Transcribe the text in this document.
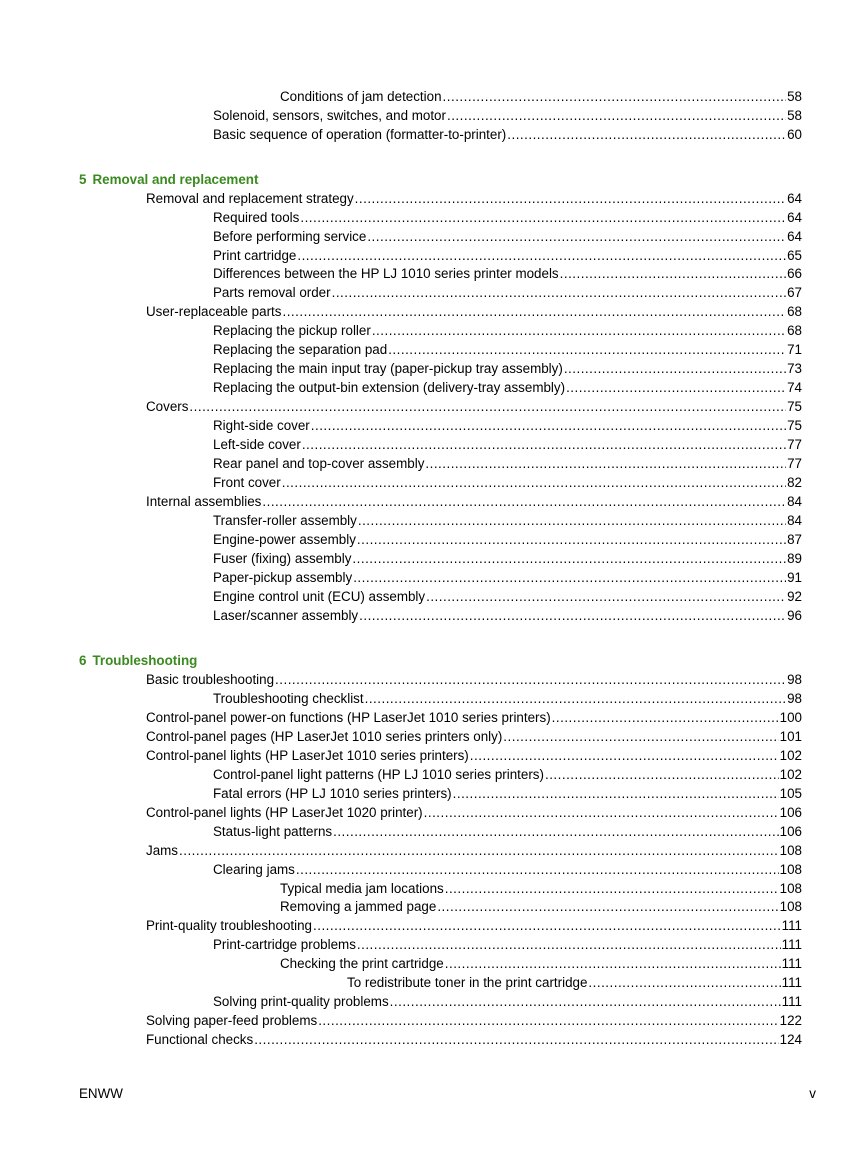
Conditions of jam detection .....	58
Solenoid, sensors, switches, and motor .....	58
Basic sequence of operation (formatter-to-printer) .....	60
5 Removal and replacement
Removal and replacement strategy .....	64
Required tools .....	64
Before performing service .....	64
Print cartridge .....	65
Differences between the HP LJ 1010 series printer models .....	66
Parts removal order .....	67
User-replaceable parts .....	68
Replacing the pickup roller .....	68
Replacing the separation pad .....	71
Replacing the main input tray (paper-pickup tray assembly) .....	73
Replacing the output-bin extension (delivery-tray assembly) .....	74
Covers .....	75
Right-side cover .....	75
Left-side cover .....	77
Rear panel and top-cover assembly .....	77
Front cover .....	82
Internal assemblies .....	84
Transfer-roller assembly .....	84
Engine-power assembly .....	87
Fuser (fixing) assembly .....	89
Paper-pickup assembly .....	91
Engine control unit (ECU) assembly .....	92
Laser/scanner assembly .....	96
6 Troubleshooting
Basic troubleshooting .....	98
Troubleshooting checklist .....	98
Control-panel power-on functions (HP LaserJet 1010 series printers) .....	100
Control-panel pages (HP LaserJet 1010 series printers only) .....	101
Control-panel lights (HP LaserJet 1010 series printers) .....	102
Control-panel light patterns (HP LJ 1010 series printers) .....	102
Fatal errors (HP LJ 1010 series printers) .....	105
Control-panel lights (HP LaserJet 1020 printer) .....	106
Status-light patterns .....	106
Jams .....	108
Clearing jams .....	108
Typical media jam locations .....	108
Removing a jammed page .....	108
Print-quality troubleshooting .....	111
Print-cartridge problems .....	111
Checking the print cartridge .....	111
To redistribute toner in the print cartridge .....	111
Solving print-quality problems .....	111
Solving paper-feed problems .....	122
Functional checks .....	124
ENWW	v
